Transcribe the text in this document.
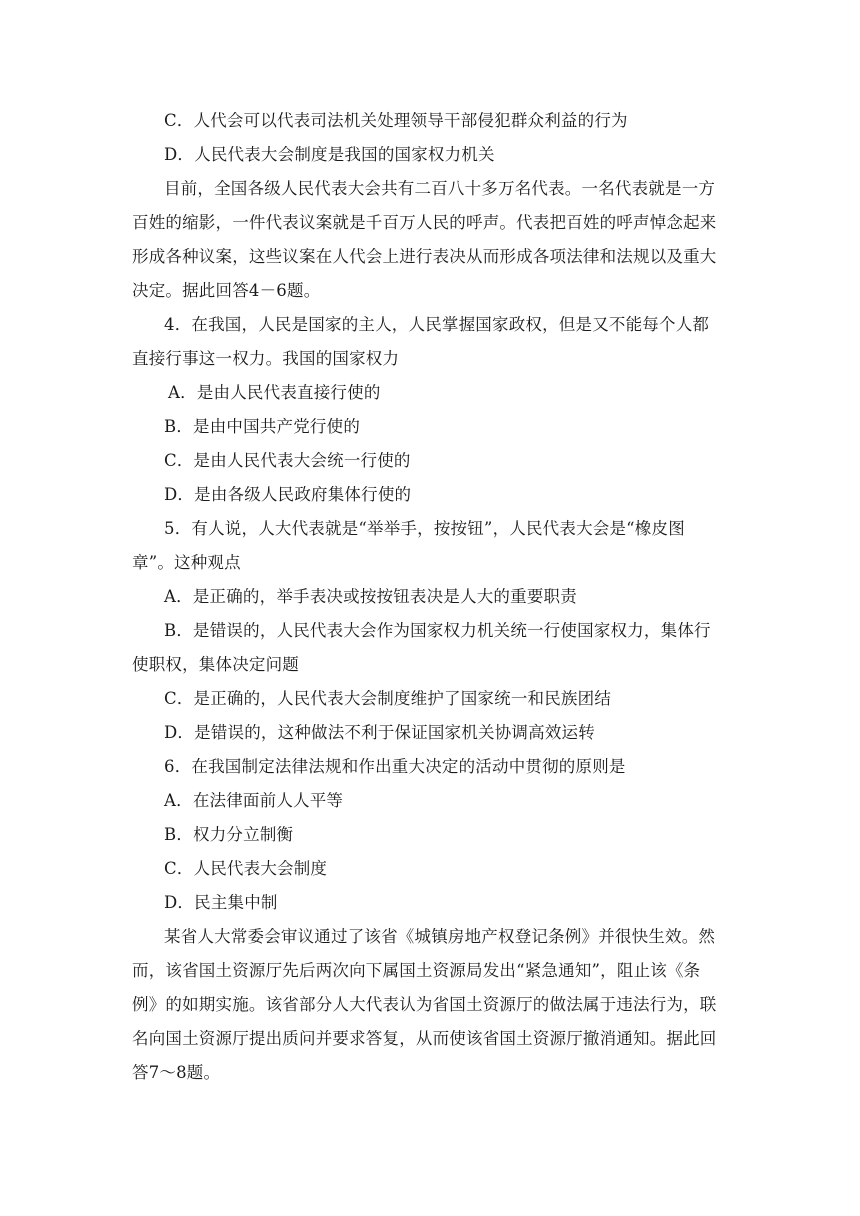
C．人代会可以代表司法机关处理领导干部侵犯群众利益的行为
D．人民代表大会制度是我国的国家权力机关
目前，全国各级人民代表大会共有二百八十多万名代表。一名代表就是一方
百姓的缩影，一件代表议案就是千百万人民的呼声。代表把百姓的呼声悼念起来
形成各种议案，这些议案在人代会上进行表决从而形成各项法律和法规以及重大
决定。据此回答4－6题。
4．在我国，人民是国家的主人，人民掌握国家政权，但是又不能每个人都
直接行事这一权力。我国的国家权力
A．是由人民代表直接行使的
B．是由中国共产党行使的
C．是由人民代表大会统一行使的
D．是由各级人民政府集体行使的
5．有人说，人大代表就是“举举手，按按钮”，人民代表大会是“橡皮图
章”。这种观点
A．是正确的，举手表决或按按钮表决是人大的重要职责
B．是错误的，人民代表大会作为国家权力机关统一行使国家权力，集体行
使职权，集体决定问题
C．是正确的，人民代表大会制度维护了国家统一和民族团结
D．是错误的，这种做法不利于保证国家机关协调高效运转
6．在我国制定法律法规和作出重大决定的活动中贯彻的原则是
A．在法律面前人人平等
B．权力分立制衡
C．人民代表大会制度
D．民主集中制
某省人大常委会审议通过了该省《城镇房地产权登记条例》并很快生效。然
而，该省国土资源厅先后两次向下属国土资源局发出“紧急通知”，阻止该《条
例》的如期实施。该省部分人大代表认为省国土资源厅的做法属于违法行为，联
名向国土资源厅提出质问并要求答复，从而使该省国土资源厅撤消通知。据此回
答7～8题。
